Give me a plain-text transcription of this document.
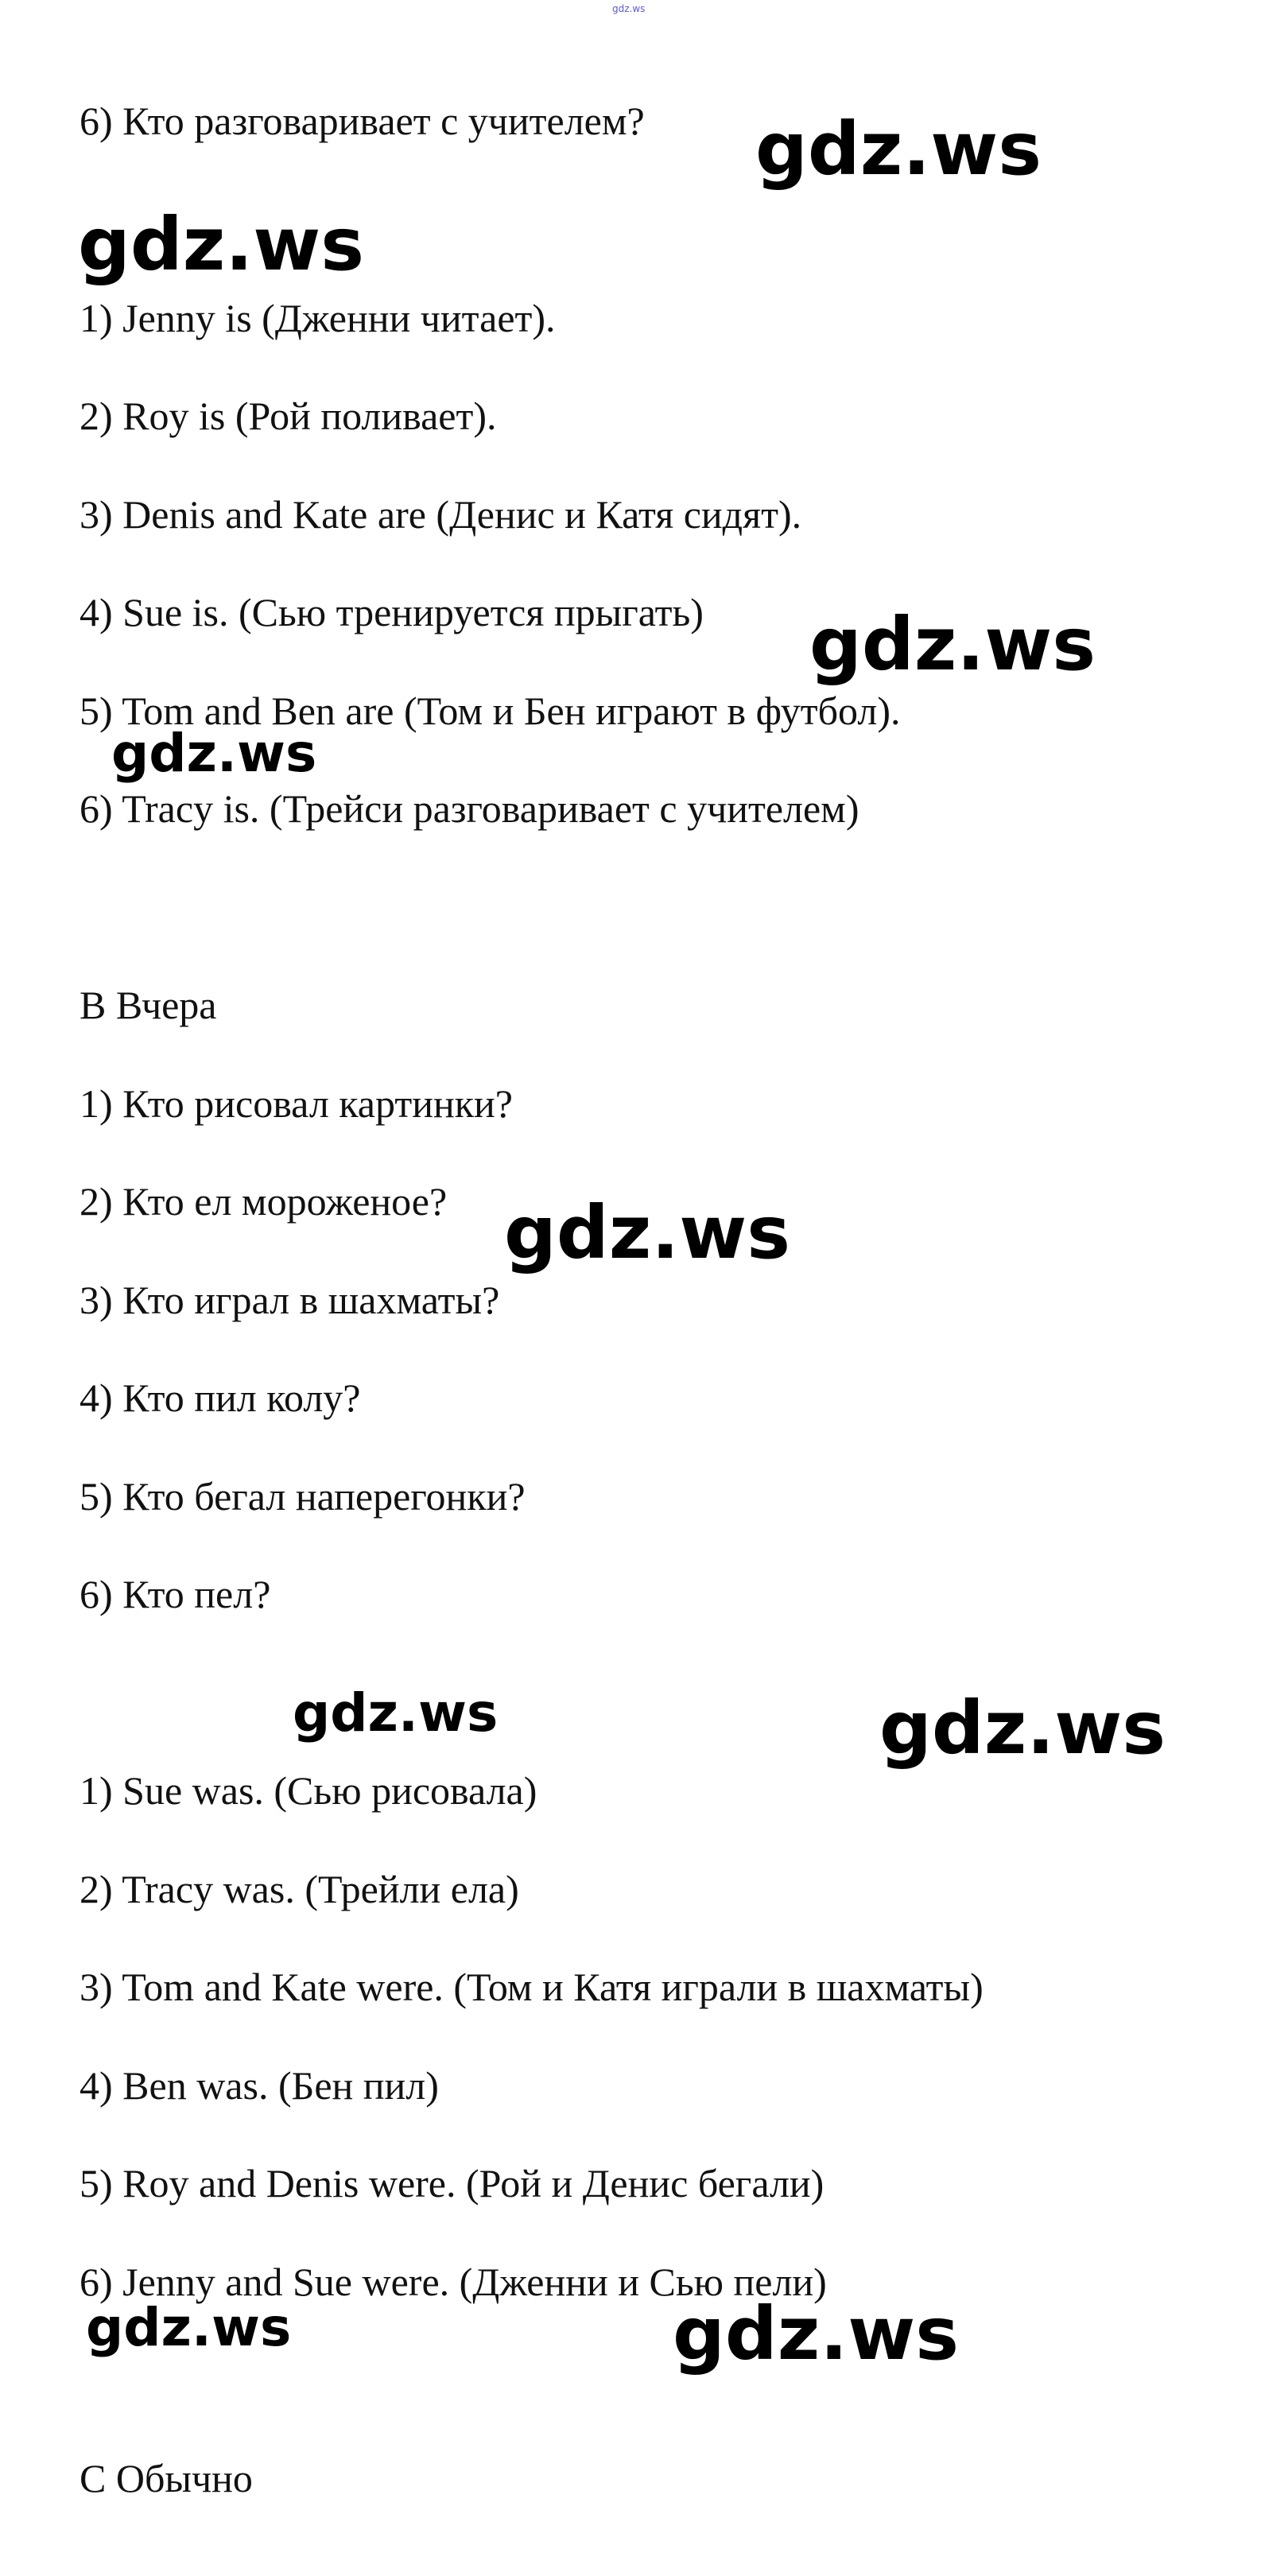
gdz.ws
6) Кто разговаривает с учителем?
1) Jenny is (Дженни читает).
2) Roy is (Рой поливает).
3) Denis and Kate are (Денис и Катя сидят).
4) Sue is. (Сью тренируется прыгать)
5) Tom and Ben are (Том и Бен играют в футбол).
6) Tracy is. (Трейси разговаривает с учителем)
В Вчера
1) Кто рисовал картинки?
2) Кто ел мороженое?
3) Кто играл в шахматы?
4) Кто пил колу?
5) Кто бегал наперегонки?
6) Кто пел?
1) Sue was. (Сью рисовала)
2) Tracy was. (Трейли ела)
3) Tom and Kate were. (Том и Катя играли в шахматы)
4) Ben was. (Бен пил)
5) Roy and Denis were. (Рой и Денис бегали)
6) Jenny and Sue were. (Дженни и Сью пели)
С Обычно
gdz.ws
gdz.ws
gdz.ws
gdz.ws
gdz.ws
gdz.ws	gdz.ws
gdz.ws	gdz.ws
